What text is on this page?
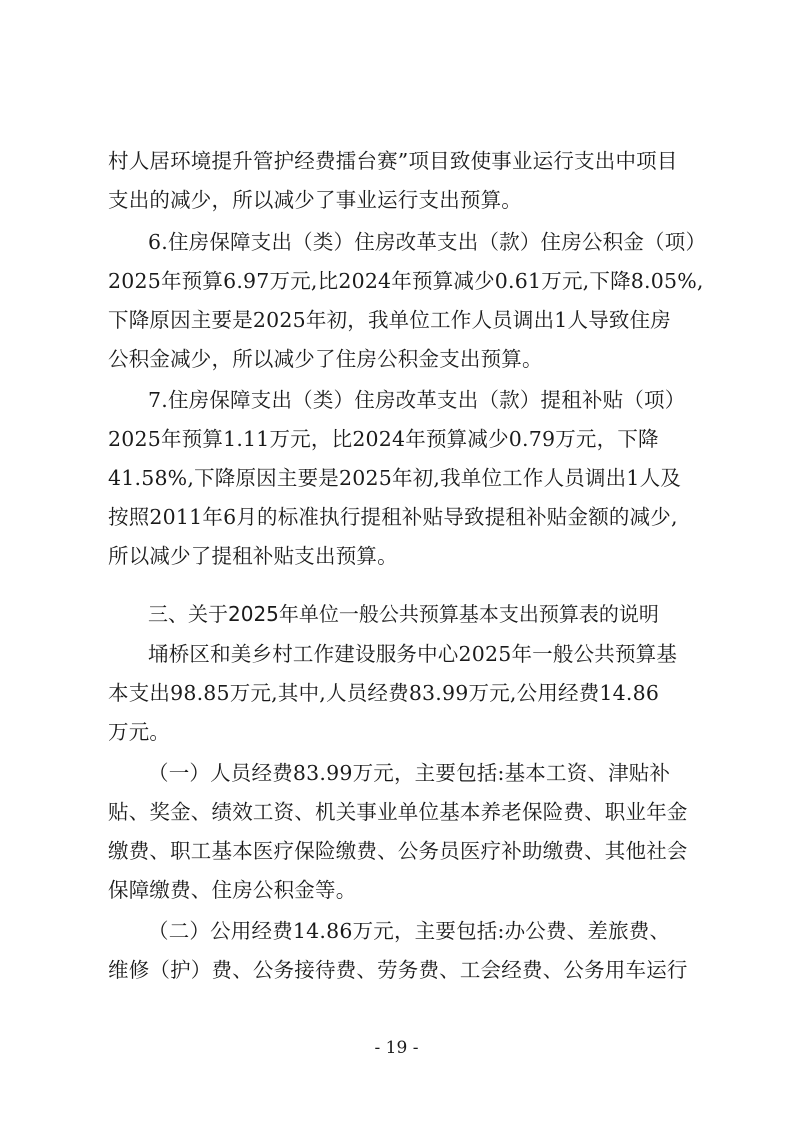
村人居环境提升管护经费擂台赛”项目致使事业运行支出中项目
支出的减少，所以减少了事业运行支出预算。
6.住房保障支出（类）住房改革支出（款）住房公积金（项）
2025年预算6.97万元,比2024年预算减少0.61万元,下降8.05%,
下降原因主要是2025年初，我单位工作人员调出1人导致住房
公积金减少，所以减少了住房公积金支出预算。
7.住房保障支出（类）住房改革支出（款）提租补贴（项）
2025年预算1.11万元，比2024年预算减少0.79万元，下降
41.58%,下降原因主要是2025年初,我单位工作人员调出1人及
按照2011年6月的标准执行提租补贴导致提租补贴金额的减少,
所以减少了提租补贴支出预算。
三、关于2025年单位一般公共预算基本支出预算表的说明
埇桥区和美乡村工作建设服务中心2025年一般公共预算基
本支出98.85万元,其中,人员经费83.99万元,公用经费14.86
万元。
（一）人员经费83.99万元，主要包括:基本工资、津贴补
贴、奖金、绩效工资、机关事业单位基本养老保险费、职业年金
缴费、职工基本医疗保险缴费、公务员医疗补助缴费、其他社会
保障缴费、住房公积金等。
（二）公用经费14.86万元，主要包括:办公费、差旅费、
维修（护）费、公务接待费、劳务费、工会经费、公务用车运行
- 19 -
